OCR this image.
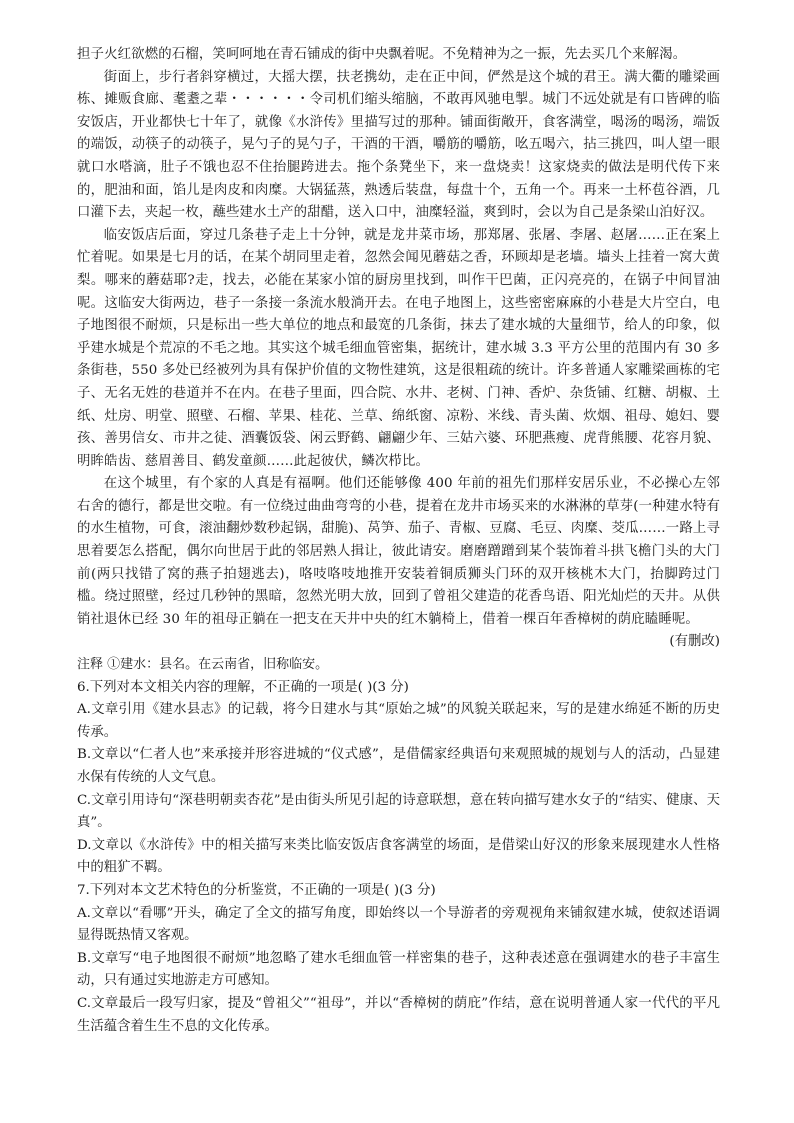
担子火红欲燃的石榴，笑呵呵地在青石铺成的街中央飘着呢。不免精神为之一振，先去买几个来解渴。

街面上，步行者斜穿横过，大摇大摆，扶老携幼，走在正中间，俨然是这个城的君王。满大衢的雕梁画栋、摊贩食廊、耄耋之辈・・・・・・令司机们缩头缩脑，不敢再风驰电掣。城门不远处就是有口皆碑的临安饭店，开业都快七十年了，就像《水浒传》里描写过的那种。铺面街敞开，食客满堂，喝汤的喝汤，端饭的端饭，动筷子的动筷子，晃勺子的晃勺子，干酒的干酒，嚼筋的嚼筋，吆五喝六，拈三挑四，叫人望一眼就口水嗒滴，肚子不饿也忍不住抬腿跨进去。拖个条凳坐下，来一盘烧卖！这家烧卖的做法是明代传下来的，肥油和面，馅儿是肉皮和肉糜。大锅猛蒸，熟透后装盘，每盘十个，五角一个。再来一土杯苞谷酒，几口灌下去，夹起一枚，蘸些建水土产的甜醋，送入口中，油糜轻溢，爽到时，会以为自己是条梁山泊好汉。

临安饭店后面，穿过几条巷子走上十分钟，就是龙井菜市场，那郑屠、张屠、李屠、赵屠……正在案上忙着呢。如果是七月的话，在某个胡同里走着，忽然会闻见蘑菇之香，环顾却是老墙。墙头上挂着一窝大黄梨。哪来的蘑菇耶?走，找去，必能在某家小馆的厨房里找到，叫作干巴菌，正闪亮亮的，在锅子中间冒油呢。这临安大街两边，巷子一条接一条流水般淌开去。在电子地图上，这些密密麻麻的小巷是大片空白，电子地图很不耐烦，只是标出一些大单位的地点和最宽的几条街，抹去了建水城的大量细节，给人的印象，似乎建水城是个荒凉的不毛之地。其实这个城毛细血管密集，据统计，建水城 3.3 平方公里的范围内有 30 多条街巷，550 多处已经被列为具有保护价值的文物性建筑，这是很粗疏的统计。许多普通人家雕梁画栋的宅子、无名无姓的巷道并不在内。在巷子里面，四合院、水井、老树、门神、香炉、杂货铺、红糖、胡椒、土纸、灶房、明堂、照壁、石榴、苹果、桂花、兰草、绵纸窗、凉粉、米线、青头菌、炊烟、祖母、媳妇、婴孩、善男信女、市井之徒、酒囊饭袋、闲云野鹤、翩翩少年、三姑六婆、环肥燕瘦、虎背熊腰、花容月貌、明眸皓齿、慈眉善目、鹤发童颜……此起彼伏，鳞次栉比。

在这个城里，有个家的人真是有福啊。他们还能够像 400 年前的祖先们那样安居乐业，不必操心左邻右舍的德行，都是世交啦。有一位绕过曲曲弯弯的小巷，提着在龙井市场买来的水淋淋的草芽(一种建水特有的水生植物，可食，滚油翻炒数秒起锅，甜脆)、莴笋、茄子、青椒、豆腐、毛豆、肉糜、茭瓜……一路上寻思着要怎么搭配，偶尔向世居于此的邻居熟人揖让，彼此请安。磨磨蹭蹭到某个装饰着斗拱飞檐门头的大门前(两只找错了窝的燕子拍翅逃去)，咯吱咯吱地推开安装着铜质狮头门环的双开核桃木大门，抬脚跨过门槛。绕过照壁，经过几秒钟的黑暗，忽然光明大放，回到了曾祖父建造的花香鸟语、阳光灿烂的天井。从供销社退休已经 30 年的祖母正躺在一把支在天井中央的红木躺椅上，借着一棵百年香樟树的荫庇瞌睡呢。

(有删改)

注释 ①建水：县名。在云南省，旧称临安。

6.下列对本文相关内容的理解，不正确的一项是( )(3 分)

A.文章引用《建水县志》的记载，将今日建水与其“原始之城”的风貌关联起来，写的是建水绵延不断的历史传承。

B.文章以“仁者人也”来承接并形容进城的“仪式感”，是借儒家经典语句来观照城的规划与人的活动，凸显建水保有传统的人文气息。

C.文章引用诗句“深巷明朝卖杏花”是由街头所见引起的诗意联想，意在转向描写建水女子的“结实、健康、天真”。

D.文章以《水浒传》中的相关描写来类比临安饭店食客满堂的场面，是借梁山好汉的形象来展现建水人性格中的粗犷不羁。

7.下列对本文艺术特色的分析鉴赏，不正确的一项是( )(3 分)

A.文章以“看哪”开头，确定了全文的描写角度，即始终以一个导游者的旁观视角来铺叙建水城，使叙述语调显得既热情又客观。

B.文章写“电子地图很不耐烦”地忽略了建水毛细血管一样密集的巷子，这种表述意在强调建水的巷子丰富生动，只有通过实地游走方可感知。

C.文章最后一段写归家，提及“曾祖父”“祖母”，并以“香樟树的荫庇”作结，意在说明普通人家一代代的平凡生活蕴含着生生不息的文化传承。
